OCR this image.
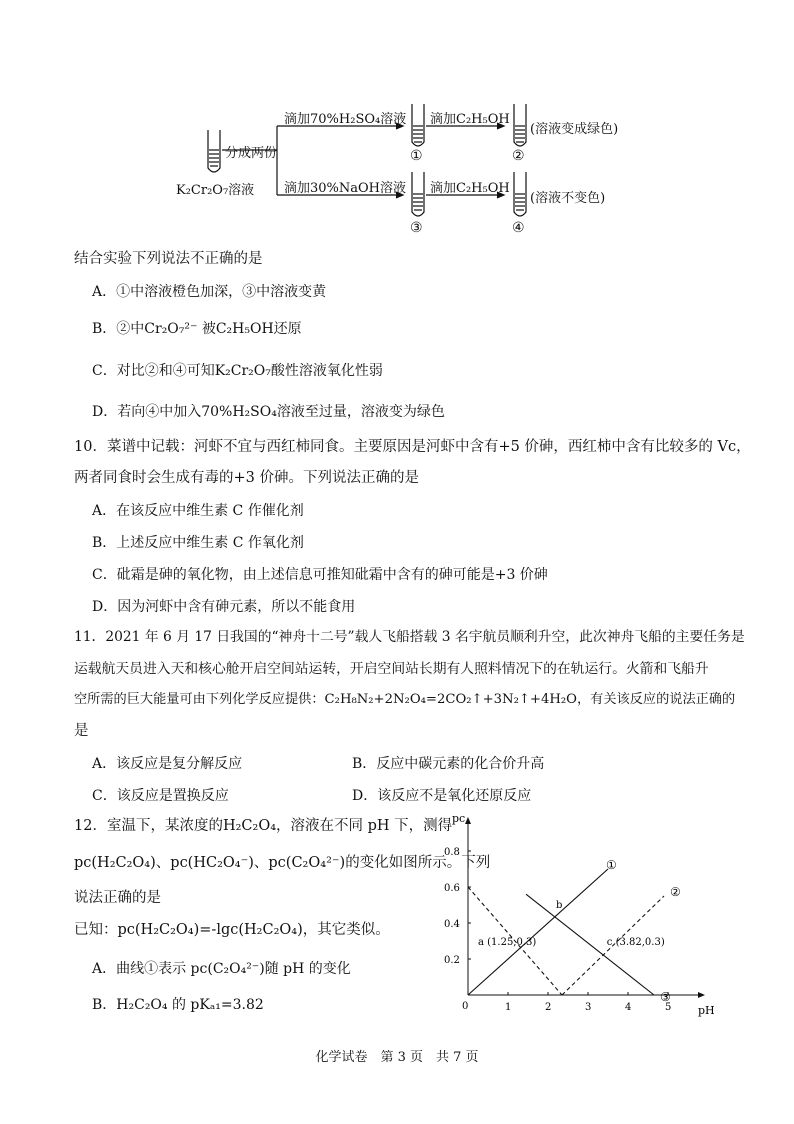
K₂Cr₂O₇溶液
分成两份
滴加70%H₂SO₄溶液
滴加30%NaOH溶液
滴加C₂H₅OH
滴加C₂H₅OH
①	②
③	④
(溶液变成绿色)
(溶液不变色)
结合实验下列说法不正确的是
A．①中溶液橙色加深，③中溶液变黄
B．②中Cr₂O₇²⁻ 被C₂H₅OH还原
C．对比②和④可知K₂Cr₂O₇酸性溶液氧化性弱
D．若向④中加入70%H₂SO₄溶液至过量，溶液变为绿色
10．菜谱中记载：河虾不宜与西红柿同食。主要原因是河虾中含有+5 价砷，西红柿中含有比较多的 Vc，
两者同食时会生成有毒的+3 价砷。下列说法正确的是
A．在该反应中维生素 C 作催化剂
B．上述反应中维生素 C 作氧化剂
C．砒霜是砷的氧化物，由上述信息可推知砒霜中含有的砷可能是+3 价砷
D．因为河虾中含有砷元素，所以不能食用
11．2021 年 6 月 17 日我国的“神舟十二号”载人飞船搭载 3 名宇航员顺利升空，此次神舟飞船的主要任务是
运载航天员进入天和核心舱开启空间站运转，开启空间站长期有人照料情况下的在轨运行。火箭和飞船升
空所需的巨大能量可由下列化学反应提供：C₂H₈N₂+2N₂O₄=2CO₂↑+3N₂↑+4H₂O，有关该反应的说法正确的
是
A．该反应是复分解反应	B．反应中碳元素的化合价升高
C．该反应是置换反应	D．该反应不是氧化还原反应
12．室温下，某浓度的H₂C₂O₄，溶液在不同 pH 下，测得
pc(H₂C₂O₄)、pc(HC₂O₄⁻)、pc(C₂O₄²⁻)的变化如图所示。下列
说法正确的是
已知：pc(H₂C₂O₄)=-lgc(H₂C₂O₄)，其它类似。
A．曲线①表示 pc(C₂O₄²⁻)随 pH 的变化
B．H₂C₂O₄ 的 pKₐ₁=3.82	pH
pc
0	1	2	3	4	5
0.2
0.4
0.6
0.8
①
③
②
a (1.25,0.3)
b
c (3.82,0.3)
化学试卷　第 3 页　共 7 页
